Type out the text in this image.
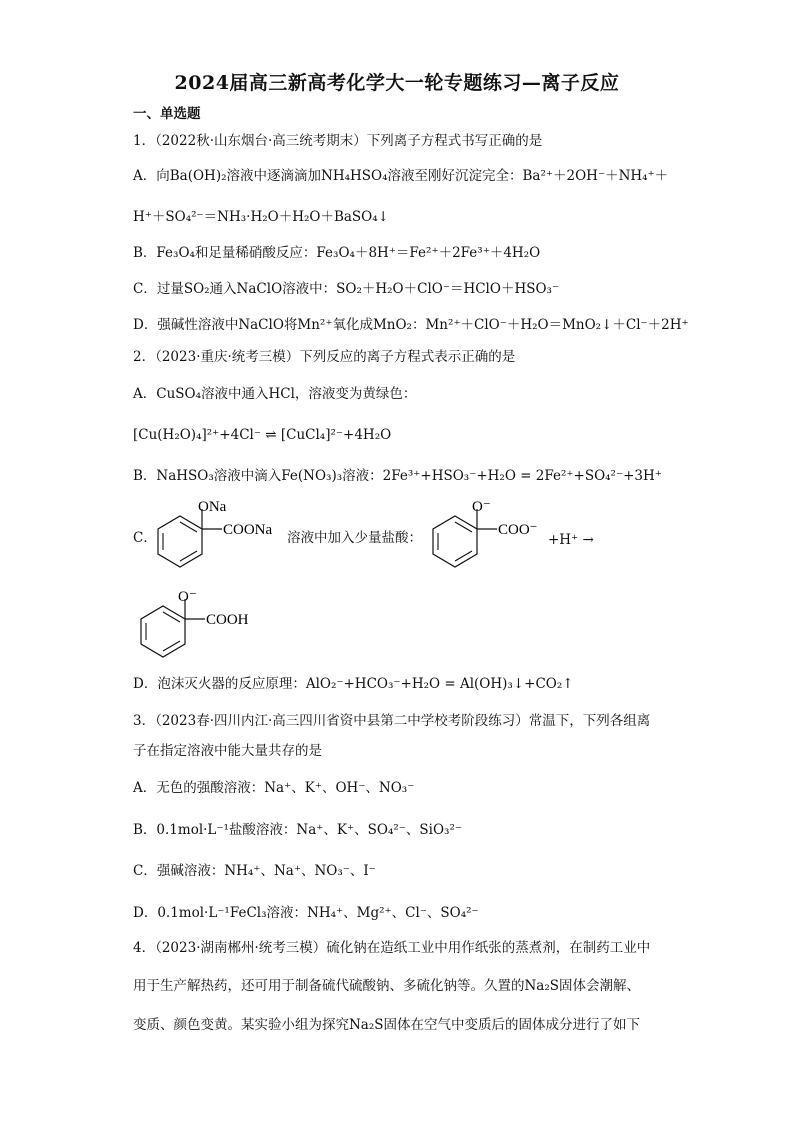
2024届高三新高考化学大一轮专题练习—离子反应
一、单选题
1．（2022秋·山东烟台·高三统考期末）下列离子方程式书写正确的是
A．向Ba(OH)₂溶液中逐滴滴加NH₄HSO₄溶液至刚好沉淀完全：Ba²⁺＋2OH⁻＋NH₄⁺＋
H⁺＋SO₄²⁻＝NH₃·H₂O＋H₂O＋BaSO₄↓
B．Fe₃O₄和足量稀硝酸反应：Fe₃O₄＋8H⁺＝Fe²⁺＋2Fe³⁺＋4H₂O
C．过量SO₂通入NaClO溶液中：SO₂＋H₂O＋ClO⁻＝HClO＋HSO₃⁻
D．强碱性溶液中NaClO将Mn²⁺氧化成MnO₂：Mn²⁺＋ClO⁻＋H₂O＝MnO₂↓＋Cl⁻＋2H⁺
2．（2023·重庆·统考三模）下列反应的离子方程式表示正确的是
A．CuSO₄溶液中通入HCl，溶液变为黄绿色：
[Cu(H₂O)₄]²⁺+4Cl⁻ ⇌ [CuCl₄]²⁻+4H₂O
B．NaHSO₃溶液中滴入Fe(NO₃)₃溶液：2Fe³⁺+HSO₃⁻+H₂O = 2Fe²⁺+SO₄²⁻+3H⁺
C．	溶液中加入少量盐酸：	+H⁺ →
ONa
COONa
O⁻
COO⁻
O⁻
COOH
D．泡沫灭火器的反应原理：AlO₂⁻+HCO₃⁻+H₂O = Al(OH)₃↓+CO₂↑
3．（2023春·四川内江·高三四川省资中县第二中学校考阶段练习）常温下，下列各组离
子在指定溶液中能大量共存的是
A．无色的强酸溶液：Na⁺、K⁺、OH⁻、NO₃⁻
B．0.1mol·L⁻¹盐酸溶液：Na⁺、K⁺、SO₄²⁻、SiO₃²⁻
C．强碱溶液：NH₄⁺、Na⁺、NO₃⁻、I⁻
D．0.1mol·L⁻¹FeCl₃溶液：NH₄⁺、Mg²⁺、Cl⁻、SO₄²⁻
4．（2023·湖南郴州·统考三模）硫化钠在造纸工业中用作纸张的蒸煮剂，在制药工业中
用于生产解热药，还可用于制备硫代硫酸钠、多硫化钠等。久置的Na₂S固体会潮解、
变质、颜色变黄。某实验小组为探究Na₂S固体在空气中变质后的固体成分进行了如下
